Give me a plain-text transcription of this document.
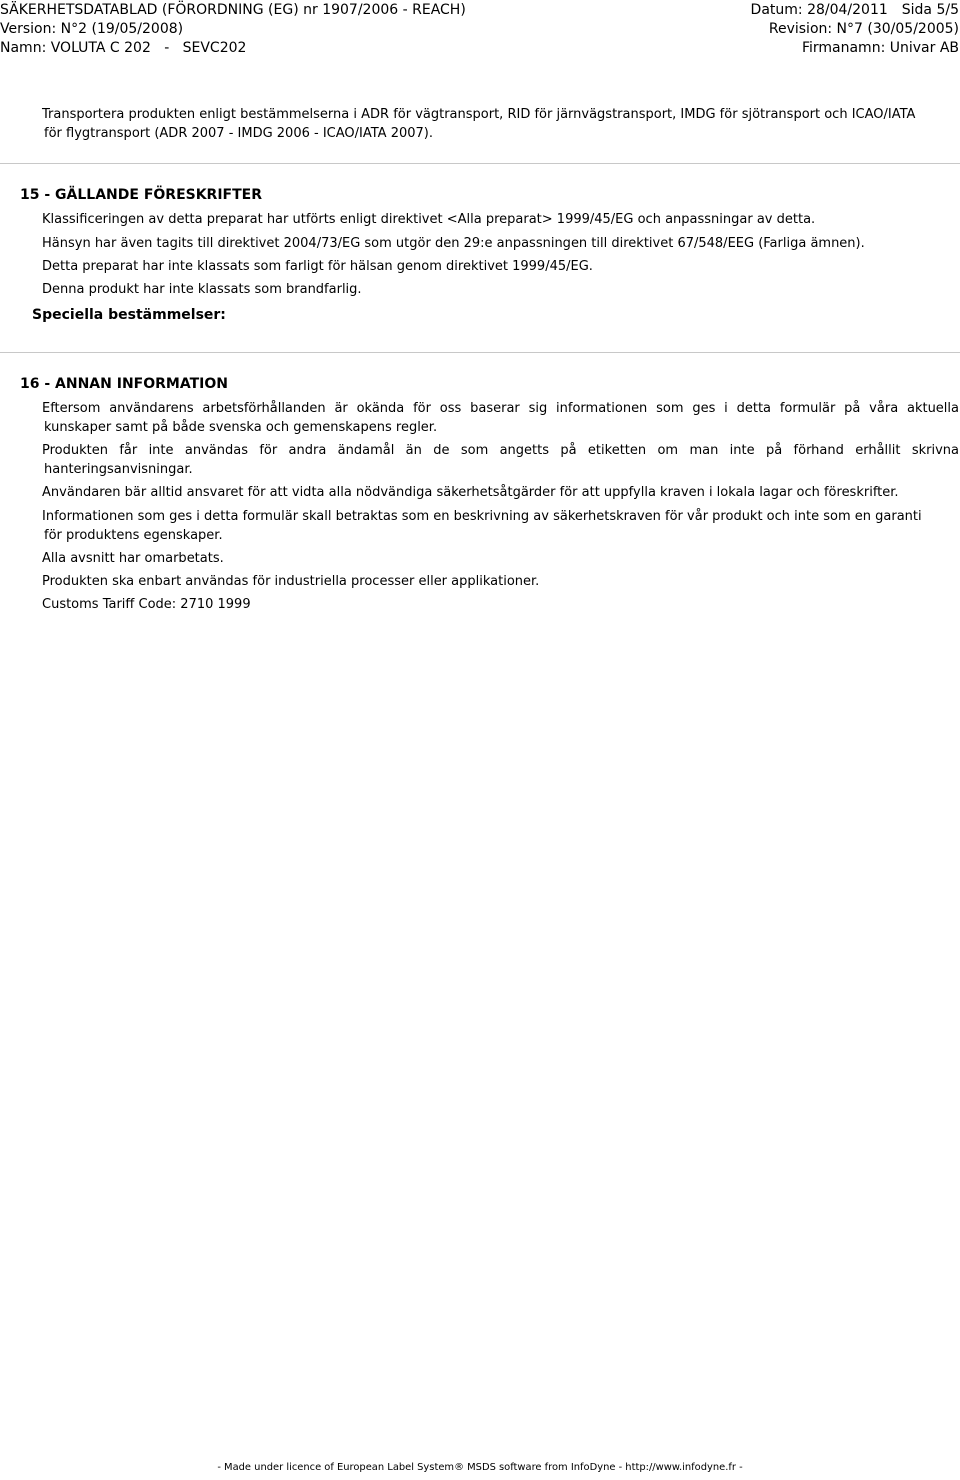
SÄKERHETSDATABLAD (FÖRORDNING (EG) nr 1907/2006 - REACH)	Datum: 28/04/2011 Sida 5/5
Version: N°2 (19/05/2008)	Revision: N°7 (30/05/2005)
Namn: VOLUTA C 202   -   SEVC202	Firmanamn: Univar AB

Transportera produkten enligt bestämmelserna i ADR för vägtransport, RID för järnvägstransport, IMDG för sjötransport och ICAO/IATA

för flygtransport (ADR 2007 - IMDG 2006 - ICAO/IATA 2007).

15 - GÄLLANDE FÖRESKRIFTER

Klassificeringen av detta preparat har utförts enligt direktivet <Alla preparat> 1999/45/EG och anpassningar av detta.

Hänsyn har även tagits till direktivet 2004/73/EG som utgör den 29:e anpassningen till direktivet 67/548/EEG (Farliga ämnen).

Detta preparat har inte klassats som farligt för hälsan genom direktivet 1999/45/EG.

Denna produkt har inte klassats som brandfarlig.

Speciella bestämmelser:
16 - ANNAN INFORMATION

Eftersom användarens arbetsförhållanden är okända för oss baserar sig informationen som ges i detta formulär på våra aktuella

kunskaper samt på både svenska och gemenskapens regler.

Produkten får inte användas för andra ändamål än de som angetts på etiketten om man inte på förhand erhållit skrivna

hanteringsanvisningar.

Användaren bär alltid ansvaret för att vidta alla nödvändiga säkerhetsåtgärder för att uppfylla kraven i lokala lagar och föreskrifter.

Informationen som ges i detta formulär skall betraktas som en beskrivning av säkerhetskraven för vår produkt och inte som en garanti

för produktens egenskaper.

Alla avsnitt har omarbetats.

Produkten ska enbart användas för industriella processer eller applikationer.

Customs Tariff Code: 2710 1999

- Made under licence of European Label System® MSDS software from InfoDyne - http://www.infodyne.fr -
